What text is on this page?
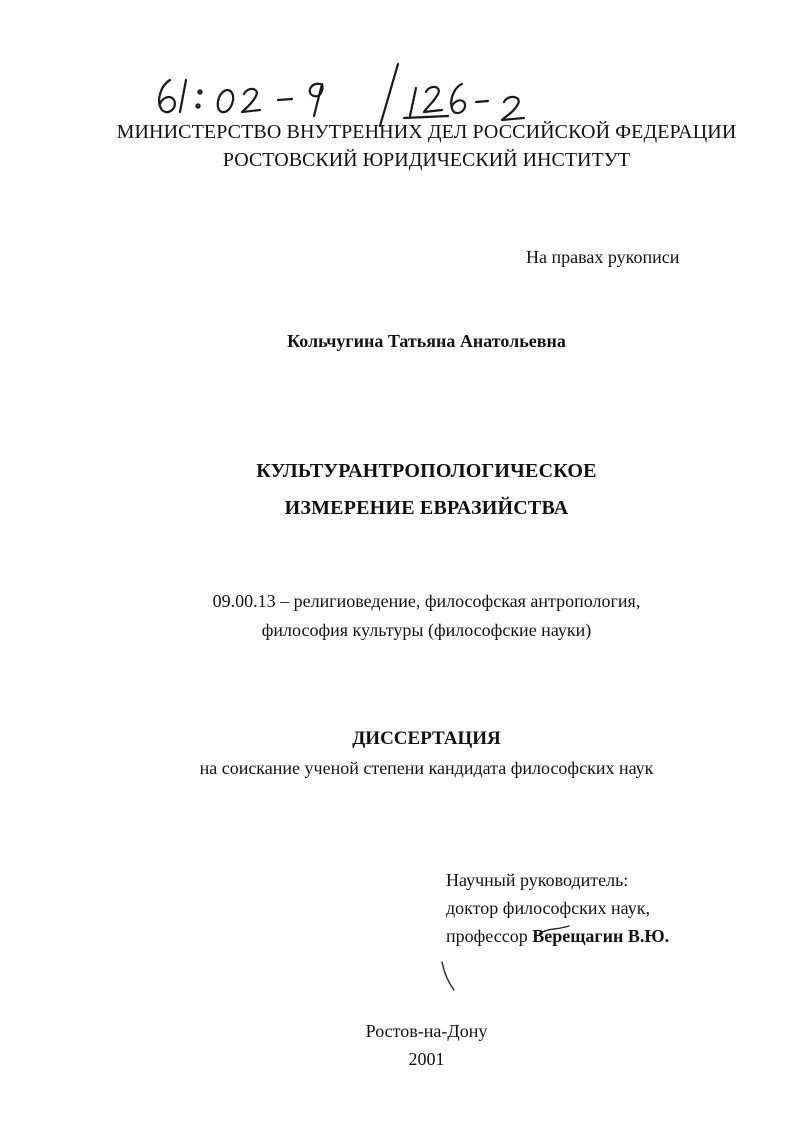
МИНИСТЕРСТВО ВНУТРЕННИХ ДЕЛ РОССИЙСКОЙ ФЕДЕРАЦИИ
РОСТОВСКИЙ ЮРИДИЧЕСКИЙ ИНСТИТУТ
На правах рукописи
Кольчугина Татьяна Анатольевна
КУЛЬТУРАНТРОПОЛОГИЧЕСКОЕ
ИЗМЕРЕНИЕ ЕВРАЗИЙСТВА
09.00.13 – религиоведение, философская антропология,
философия культуры (философские науки)
ДИССЕРТАЦИЯ
на соискание ученой степени кандидата философских наук
Научный руководитель:
доктор философских наук,
профессор Верещагин В.Ю.
Ростов-на-Дону
2001
